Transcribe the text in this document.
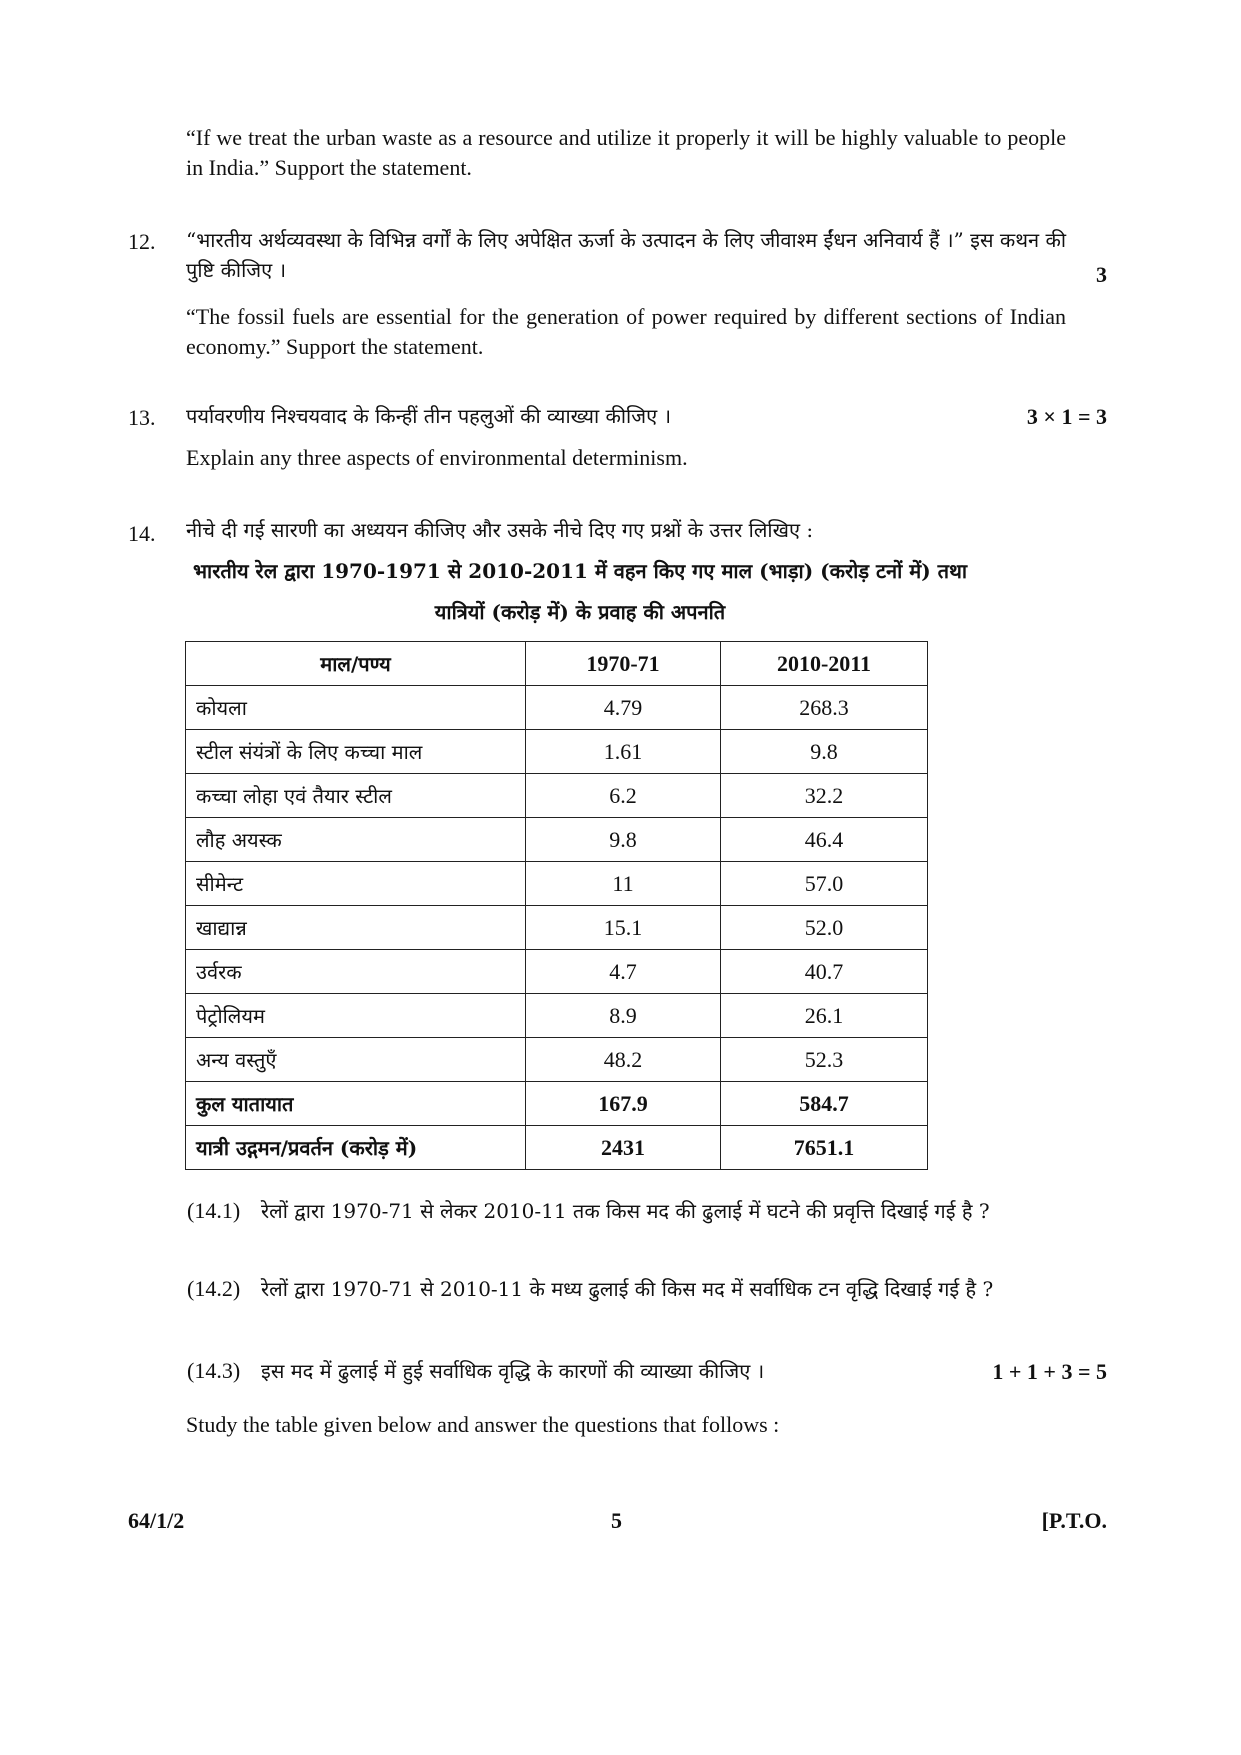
“If we treat the urban waste as a resource and utilize it properly it will be highly valuable to people in India.” Support the statement.
12. “भारतीय अर्थव्यवस्था के विभिन्न वर्गों के लिए अपेक्षित ऊर्जा के उत्पादन के लिए जीवाश्म ईंधन अनिवार्य हैं ।” इस कथन की पुष्टि कीजिए ।	3
“The fossil fuels are essential for the generation of power required by different sections of Indian economy.” Support the statement.
13. पर्यावरणीय निश्चयवाद के किन्हीं तीन पहलुओं की व्याख्या कीजिए ।	3 × 1 = 3
Explain any three aspects of environmental determinism.
14. नीचे दी गई सारणी का अध्ययन कीजिए और उसके नीचे दिए गए प्रश्नों के उत्तर लिखिए :
भारतीय रेल द्वारा 1970-1971 से 2010-2011 में वहन किए गए माल (भाड़ा) (करोड़ टनों में) तथा
यात्रियों (करोड़ में) के प्रवाह की अपनति
माल/पण्य	1970-71	2010-2011
कोयला	4.79	268.3
स्टील संयंत्रों के लिए कच्चा माल	1.61	9.8
कच्चा लोहा एवं तैयार स्टील	6.2	32.2
लौह अयस्क	9.8	46.4
सीमेन्ट	11	57.0
खाद्यान्न	15.1	52.0
उर्वरक	4.7	40.7
पेट्रोलियम	8.9	26.1
अन्य वस्तुएँ	48.2	52.3
कुल यातायात	167.9	584.7
यात्री उद्गमन/प्रवर्तन (करोड़ में)	2431	7651.1
(14.1) रेलों द्वारा 1970-71 से लेकर 2010-11 तक किस मद की ढुलाई में घटने की प्रवृत्ति दिखाई गई है ?
(14.2) रेलों द्वारा 1970-71 से 2010-11 के मध्य ढुलाई की किस मद में सर्वाधिक टन वृद्धि दिखाई गई है ?
(14.3) इस मद में ढुलाई में हुई सर्वाधिक वृद्धि के कारणों की व्याख्या कीजिए ।	1 + 1 + 3 = 5
Study the table given below and answer the questions that follows :
64/1/2	5	[P.T.O.
